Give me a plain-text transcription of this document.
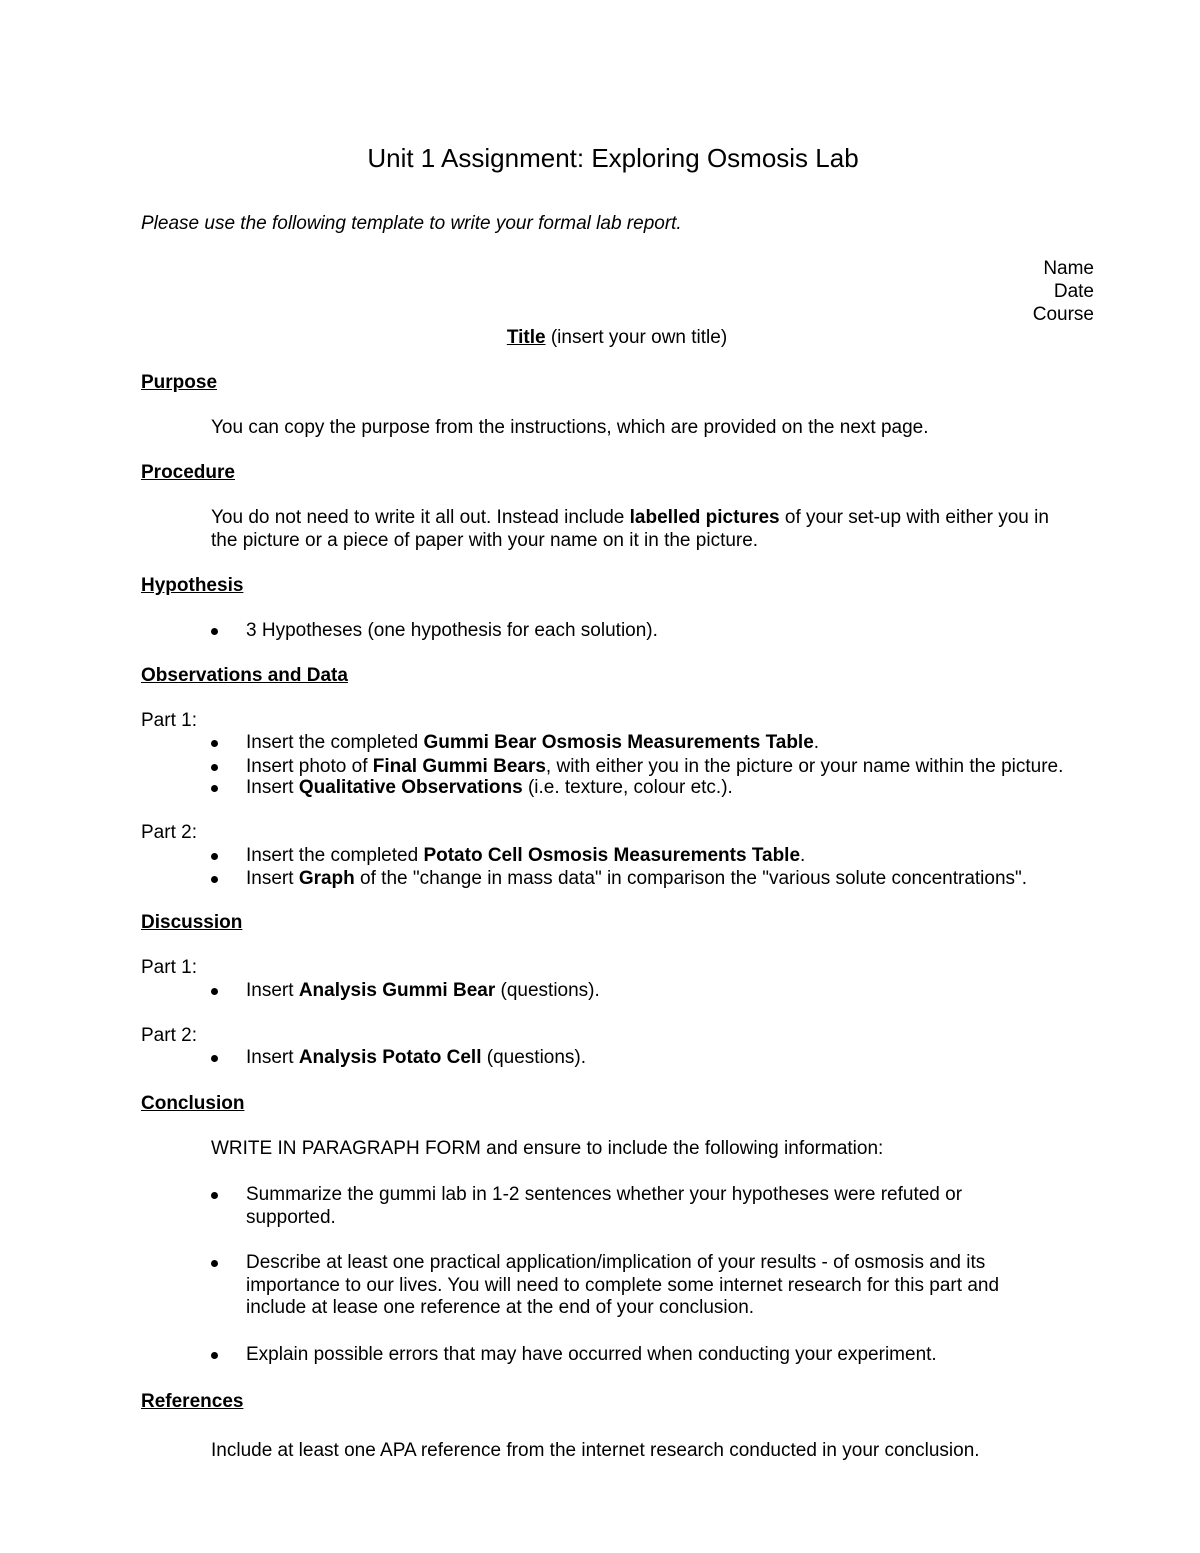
Unit 1 Assignment: Exploring Osmosis Lab
Please use the following template to write your formal lab report.
Name
Date
Course
Title (insert your own title)
Purpose
You can copy the purpose from the instructions, which are provided on the next page.
Procedure
You do not need to write it all out. Instead include labelled pictures of your set-up with either you in
the picture or a piece of paper with your name on it in the picture.
Hypothesis
3 Hypotheses (one hypothesis for each solution).
Observations and Data
Part 1:
Insert the completed Gummi Bear Osmosis Measurements Table.
Insert photo of Final Gummi Bears, with either you in the picture or your name within the picture.
Insert Qualitative Observations (i.e. texture, colour etc.).
Part 2:
Insert the completed Potato Cell Osmosis Measurements Table.
Insert Graph of the "change in mass data" in comparison the "various solute concentrations".
Discussion
Part 1:
Insert Analysis Gummi Bear (questions).
Part 2:
Insert Analysis Potato Cell (questions).
Conclusion
WRITE IN PARAGRAPH FORM and ensure to include the following information:
Summarize the gummi lab in 1-2 sentences whether your hypotheses were refuted or
supported.
Describe at least one practical application/implication of your results - of osmosis and its
importance to our lives. You will need to complete some internet research for this part and
include at lease one reference at the end of your conclusion.
Explain possible errors that may have occurred when conducting your experiment.
References
Include at least one APA reference from the internet research conducted in your conclusion.
